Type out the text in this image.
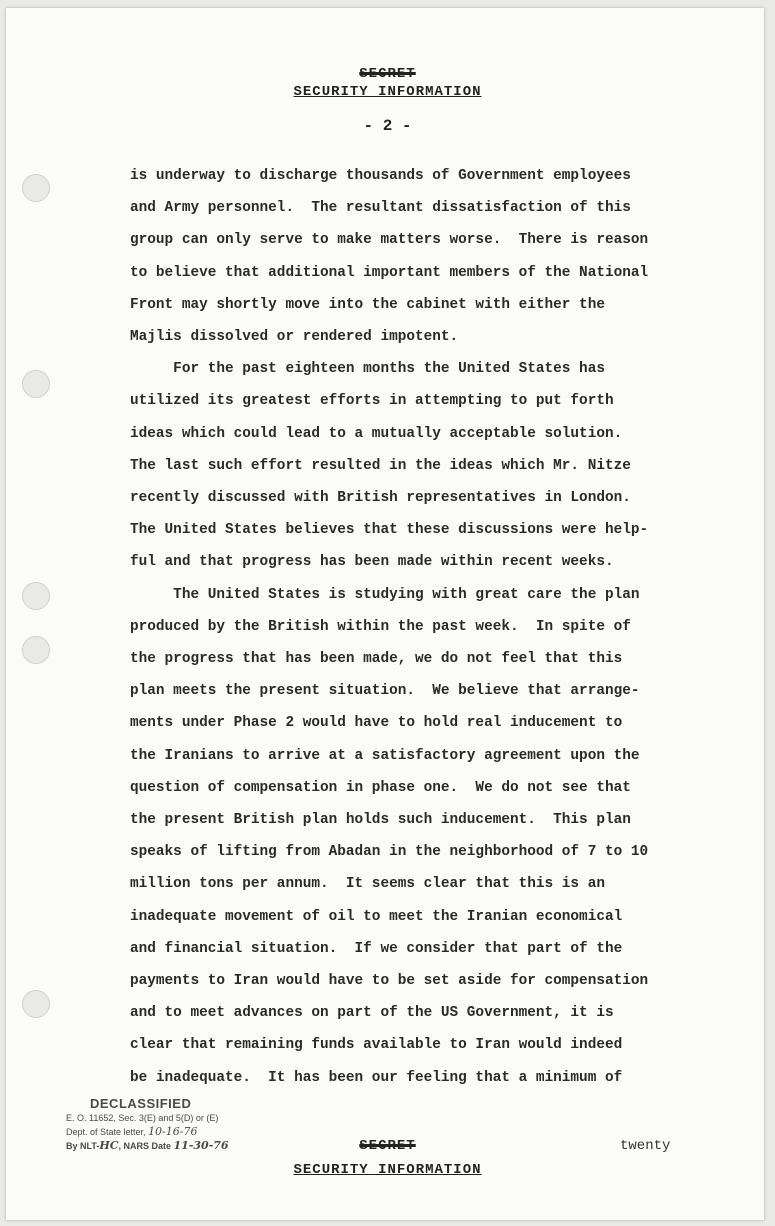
SECRET
SECURITY INFORMATION
- 2 -
is underway to discharge thousands of Government employees
and Army personnel.  The resultant dissatisfaction of this
group can only serve to make matters worse.  There is reason
to believe that additional important members of the National
Front may shortly move into the cabinet with either the
Majlis dissolved or rendered impotent.
For the past eighteen months the United States has
utilized its greatest efforts in attempting to put forth
ideas which could lead to a mutually acceptable solution.
The last such effort resulted in the ideas which Mr. Nitze
recently discussed with British representatives in London.
The United States believes that these discussions were help-
ful and that progress has been made within recent weeks.
The United States is studying with great care the plan
produced by the British within the past week.  In spite of
the progress that has been made, we do not feel that this
plan meets the present situation.  We believe that arrange-
ments under Phase 2 would have to hold real inducement to
the Iranians to arrive at a satisfactory agreement upon the
question of compensation in phase one.  We do not see that
the present British plan holds such inducement.  This plan
speaks of lifting from Abadan in the neighborhood of 7 to 10
million tons per annum.  It seems clear that this is an
inadequate movement of oil to meet the Iranian economical
and financial situation.  If we consider that part of the
payments to Iran would have to be set aside for compensation
and to meet advances on part of the US Government, it is
clear that remaining funds available to Iran would indeed
be inadequate.  It has been our feeling that a minimum of
DECLASSIFIED
E. O. 11652, Sec. 3(E) and 5(D) or (E)
Dept. of State letter, 10-16-76
By NLT-HC, NARS Date 11-30-76	SECRET
SECURITY INFORMATION
twenty
